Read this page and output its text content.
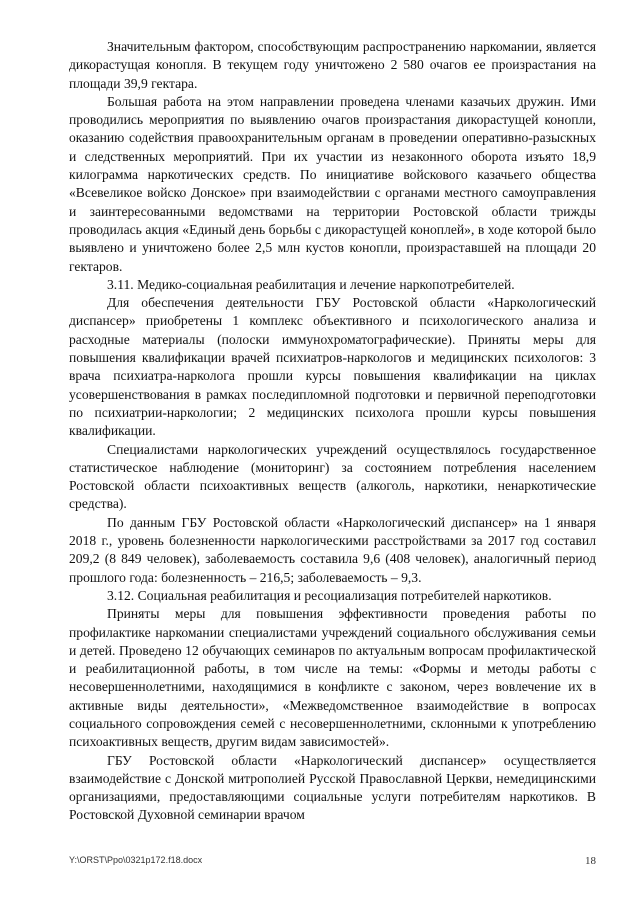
Значительным фактором, способствующим распространению наркомании, является дикорастущая конопля. В текущем году уничтожено 2 580 очагов ее произрастания на площади 39,9 гектара.

Большая работа на этом направлении проведена членами казачьих дружин. Ими проводились мероприятия по выявлению очагов произрастания дикорастущей конопли, оказанию содействия правоохранительным органам в проведении оперативно-разыскных и следственных мероприятий. При их участии из незаконного оборота изъято 18,9 килограмма наркотических средств. По инициативе войскового казачьего общества «Всевеликое войско Донское» при взаимодействии с органами местного самоуправления и заинтересованными ведомствами на территории Ростовской области трижды проводилась акция «Единый день борьбы с дикорастущей коноплей», в ходе которой было выявлено и уничтожено более 2,5 млн кустов конопли, произраставшей на площади 20 гектаров.

3.11. Медико-социальная реабилитация и лечение наркопотребителей.

Для обеспечения деятельности ГБУ Ростовской области «Наркологический диспансер» приобретены 1 комплекс объективного и психологического анализа и расходные материалы (полоски иммунохроматографические). Приняты меры для повышения квалификации врачей психиатров-наркологов и медицинских психологов: 3 врача психиатра-нарколога прошли курсы повышения квалификации на циклах усовершенствования в рамках последипломной подготовки и первичной переподготовки по психиатрии-наркологии; 2 медицинских психолога прошли курсы повышения квалификации.

Специалистами наркологических учреждений осуществлялось государственное статистическое наблюдение (мониторинг) за состоянием потребления населением Ростовской области психоактивных веществ (алкоголь, наркотики, ненаркотические средства).

По данным ГБУ Ростовской области «Наркологический диспансер» на 1 января 2018 г., уровень болезненности наркологическими расстройствами за 2017 год составил 209,2 (8 849 человек), заболеваемость составила 9,6 (408 человек), аналогичный период прошлого года: болезненность – 216,5; заболеваемость – 9,3.

3.12. Социальная реабилитация и ресоциализация потребителей наркотиков.

Приняты меры для повышения эффективности проведения работы по профилактике наркомании специалистами учреждений социального обслуживания семьи и детей. Проведено 12 обучающих семинаров по актуальным вопросам профилактической и реабилитационной работы, в том числе на темы: «Формы и методы работы с несовершеннолетними, находящимися в конфликте с законом, через вовлечение их в активные виды деятельности», «Межведомственное взаимодействие в вопросах социального сопровождения семей с несовершеннолетними, склонными к употреблению психоактивных веществ, другим видам зависимостей».

ГБУ Ростовской области «Наркологический диспансер» осуществляется взаимодействие с Донской митрополией Русской Православной Церкви, немедицинскими организациями, предоставляющими социальные услуги потребителям наркотиков. В Ростовской Духовной семинарии врачом

Y:\ORST\Ppo\0321p172.f18.docx	18
